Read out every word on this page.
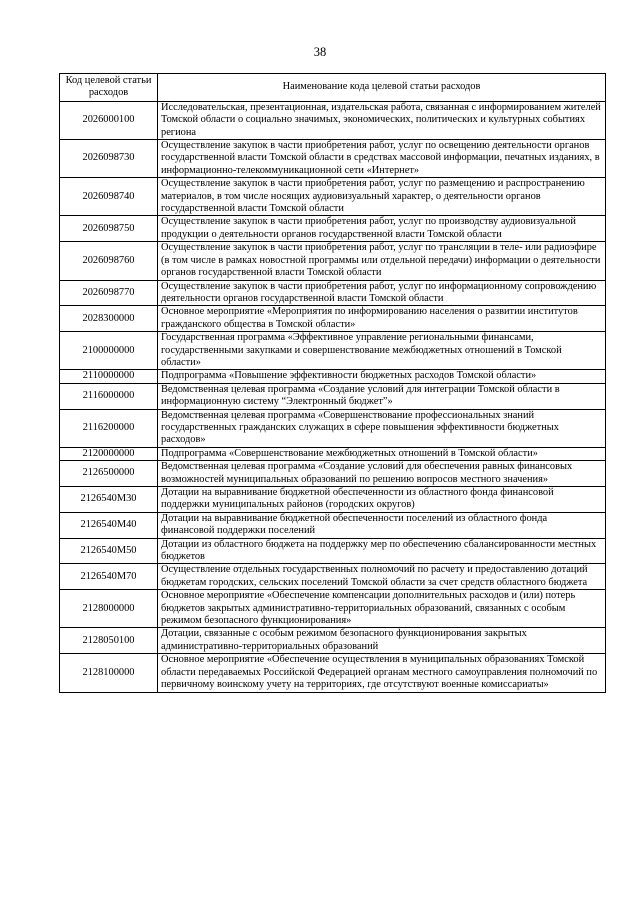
38
Код целевой статьи расходов	Наименование кода целевой статьи расходов
2026000100	Исследовательская, презентационная, издательская работа, связанная с информированием жителей Томской области о социально значимых, экономических, политических и культурных событиях региона
2026098730	Осуществление закупок в части приобретения работ, услуг по освещению деятельности органов государственной власти Томской области в средствах массовой информации, печатных изданиях, в информационно-телекоммуникационной сети «Интернет»
2026098740	Осуществление закупок в части приобретения работ, услуг по размещению и распространению материалов, в том числе носящих аудиовизуальный характер, о деятельности органов государственной власти Томской области
2026098750	Осуществление закупок в части приобретения работ, услуг по производству аудиовизуальной продукции о деятельности органов государственной власти Томской области
2026098760	Осуществление закупок в части приобретения работ, услуг по трансляции в теле- или радиоэфире (в том числе в рамках новостной программы или отдельной передачи) информации о деятельности органов государственной власти Томской области
2026098770	Осуществление закупок в части приобретения работ, услуг по информационному сопровождению деятельности органов государственной власти Томской области
2028300000	Основное мероприятие «Мероприятия по информированию населения о развитии институтов гражданского общества в Томской области»
2100000000	Государственная программа «Эффективное управление региональными финансами, государственными закупками и совершенствование межбюджетных отношений в Томской области»
2110000000	Подпрограмма «Повышение эффективности бюджетных расходов Томской области»
2116000000	Ведомственная целевая программа «Создание условий для интеграции Томской области в информационную систему “Электронный бюджет”»
2116200000	Ведомственная целевая программа «Совершенствование профессиональных знаний государственных гражданских служащих в сфере повышения эффективности бюджетных расходов»
2120000000	Подпрограмма «Совершенствование межбюджетных отношений в Томской области»
2126500000	Ведомственная целевая программа «Создание условий для обеспечения равных финансовых возможностей муниципальных образований по решению вопросов местного значения»
2126540М30	Дотации на выравнивание бюджетной обеспеченности из областного фонда финансовой поддержки муниципальных районов (городских округов)
2126540М40	Дотации на выравнивание бюджетной обеспеченности поселений из областного фонда финансовой поддержки поселений
2126540М50	Дотации из областного бюджета на поддержку мер по обеспечению сбалансированности местных бюджетов
2126540М70	Осуществление отдельных государственных полномочий по расчету и предоставлению дотаций бюджетам городских, сельских поселений Томской области за счет средств областного бюджета
2128000000	Основное мероприятие «Обеспечение компенсации дополнительных расходов и (или) потерь бюджетов закрытых административно-территориальных образований, связанных с особым режимом безопасного функционирования»
2128050100	Дотации, связанные с особым режимом безопасного функционирования закрытых административно-территориальных образований
2128100000	Основное мероприятие «Обеспечение осуществления в муниципальных образованиях Томской области передаваемых Российской Федерацией органам местного самоуправления полномочий по первичному воинскому учету на территориях, где отсутствуют военные комиссариаты»
